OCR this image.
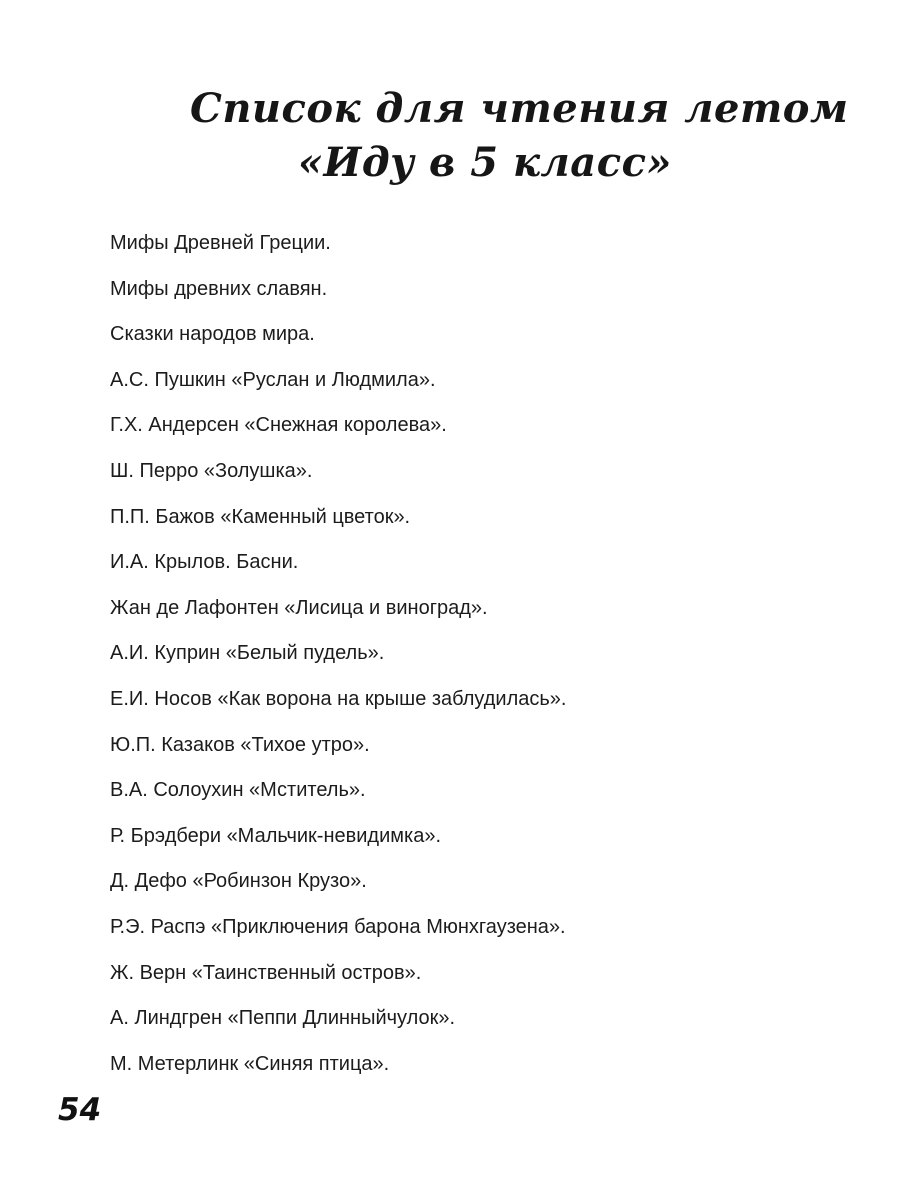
Список для чтения летом
«Иду в 5 класс»
Мифы Древней Греции.
Мифы древних славян.
Сказки народов мира.
А.С. Пушкин «Руслан и Людмила».
Г.Х. Андерсен «Снежная королева».
Ш. Перро «Золушка».
П.П. Бажов «Каменный цветок».
И.А. Крылов. Басни.
Жан де Лафонтен «Лисица и виноград».
А.И. Куприн «Белый пудель».
Е.И. Носов «Как ворона на крыше заблудилась».
Ю.П. Казаков «Тихое утро».
В.А. Солоухин «Мститель».
Р. Брэдбери «Мальчик-невидимка».
Д. Дефо «Робинзон Крузо».
Р.Э. Распэ «Приключения барона Мюнхгаузена».
Ж. Верн «Таинственный остров».
А. Линдгрен «Пеппи Длинныйчулок».
М. Метерлинк «Синяя птица».
54
